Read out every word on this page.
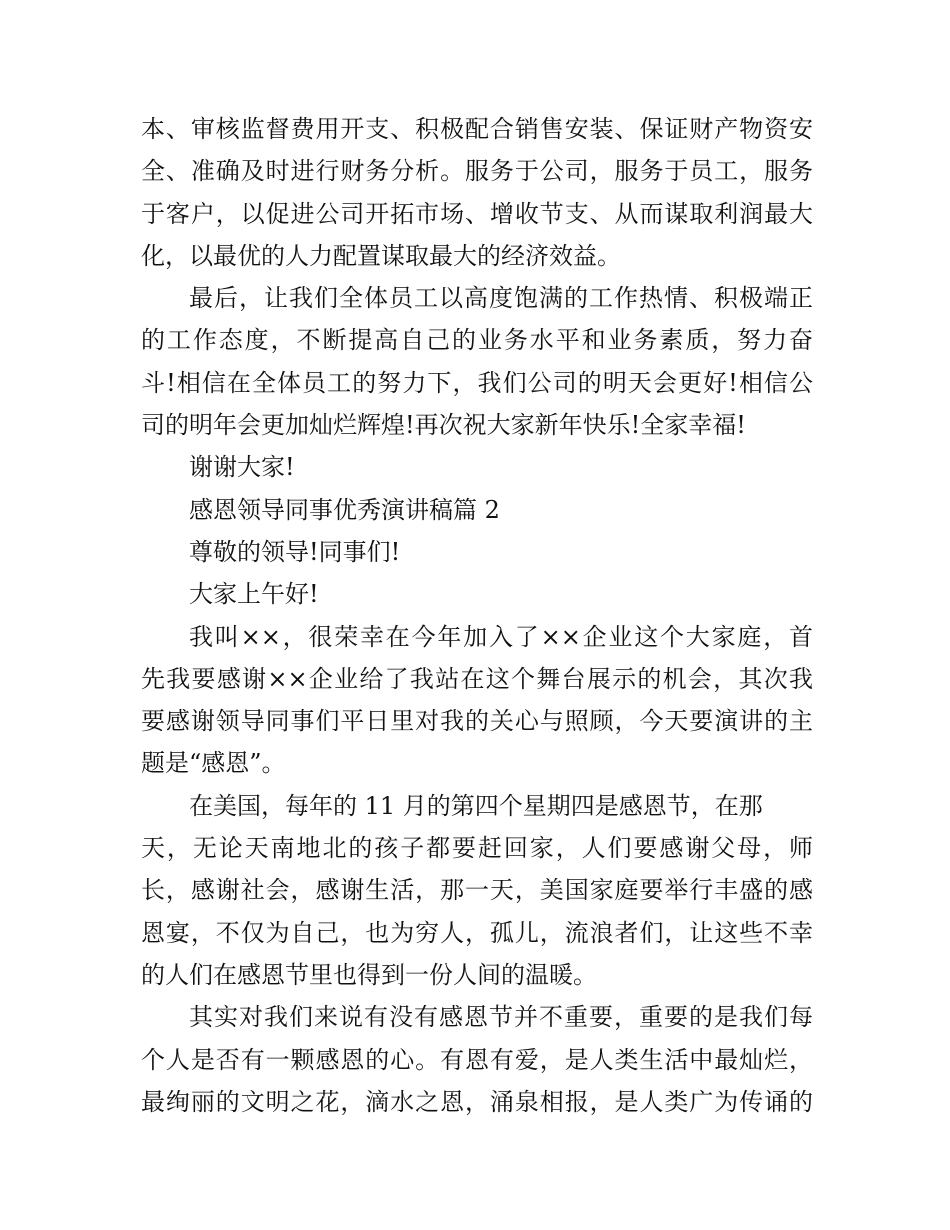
本、审核监督费用开支、积极配合销售安装、保证财产物资安
全、准确及时进行财务分析。服务于公司，服务于员工，服务
于客户，以促进公司开拓市场、增收节支、从而谋取利润最大
化，以最优的人力配置谋取最大的经济效益。
最后，让我们全体员工以高度饱满的工作热情、积极端正
的工作态度，不断提高自己的业务水平和业务素质，努力奋
斗!相信在全体员工的努力下，我们公司的明天会更好!相信公
司的明年会更加灿烂辉煌!再次祝大家新年快乐!全家幸福!
谢谢大家!
感恩领导同事优秀演讲稿篇 2
尊敬的领导!同事们!
大家上午好!
我叫××，很荣幸在今年加入了××企业这个大家庭，首
先我要感谢××企业给了我站在这个舞台展示的机会，其次我
要感谢领导同事们平日里对我的关心与照顾，今天要演讲的主
题是“感恩”。
在美国，每年的 11 月的第四个星期四是感恩节，在那
天，无论天南地北的孩子都要赶回家，人们要感谢父母，师
长，感谢社会，感谢生活，那一天，美国家庭要举行丰盛的感
恩宴，不仅为自己，也为穷人，孤儿，流浪者们，让这些不幸
的人们在感恩节里也得到一份人间的温暖。
其实对我们来说有没有感恩节并不重要，重要的是我们每
个人是否有一颗感恩的心。有恩有爱，是人类生活中最灿烂，
最绚丽的文明之花，滴水之恩，涌泉相报，是人类广为传诵的
